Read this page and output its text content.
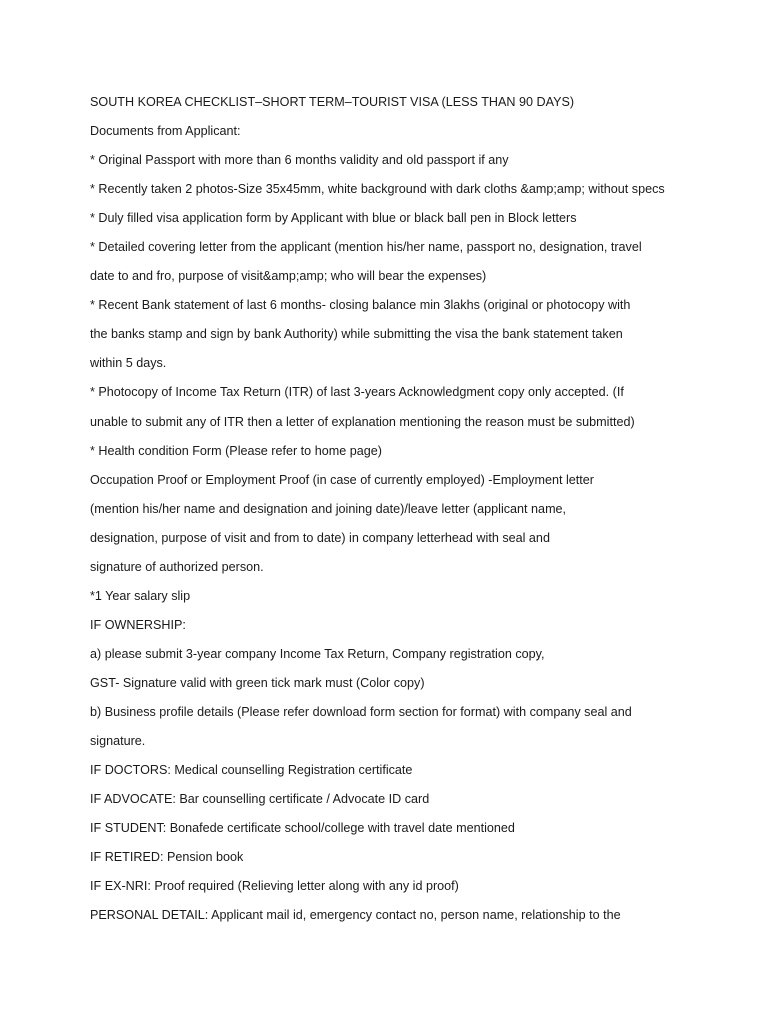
SOUTH KOREA CHECKLIST–SHORT TERM–TOURIST VISA (LESS THAN 90 DAYS)
Documents from Applicant:
* Original Passport with more than 6 months validity and old passport if any
* Recently taken 2 photos-Size 35x45mm, white background with dark cloths &amp;amp; without specs
* Duly filled visa application form by Applicant with blue or black ball pen in Block letters
* Detailed covering letter from the applicant (mention his/her name, passport no, designation, travel
date to and fro, purpose of visit&amp;amp; who will bear the expenses)
* Recent Bank statement of last 6 months- closing balance min 3lakhs (original or photocopy with
the banks stamp and sign by bank Authority) while submitting the visa the bank statement taken
within 5 days.
* Photocopy of Income Tax Return (ITR) of last 3-years Acknowledgment copy only accepted. (If
unable to submit any of ITR then a letter of explanation mentioning the reason must be submitted)
* Health condition Form (Please refer to home page)
Occupation Proof or Employment Proof (in case of currently employed) -Employment letter
(mention his/her name and designation and joining date)/leave letter (applicant name,
designation, purpose of visit and from to date) in company letterhead with seal and
signature of authorized person.
*1 Year salary slip
IF OWNERSHIP:
a) please submit 3-year company Income Tax Return, Company registration copy,
GST- Signature valid with green tick mark must (Color copy)
b) Business profile details (Please refer download form section for format) with company seal and
signature.
IF DOCTORS: Medical counselling Registration certificate
IF ADVOCATE: Bar counselling certificate / Advocate ID card
IF STUDENT: Bonafede certificate school/college with travel date mentioned
IF RETIRED: Pension book
IF EX-NRI: Proof required (Relieving letter along with any id proof)
PERSONAL DETAIL: Applicant mail id, emergency contact no, person name, relationship to the
